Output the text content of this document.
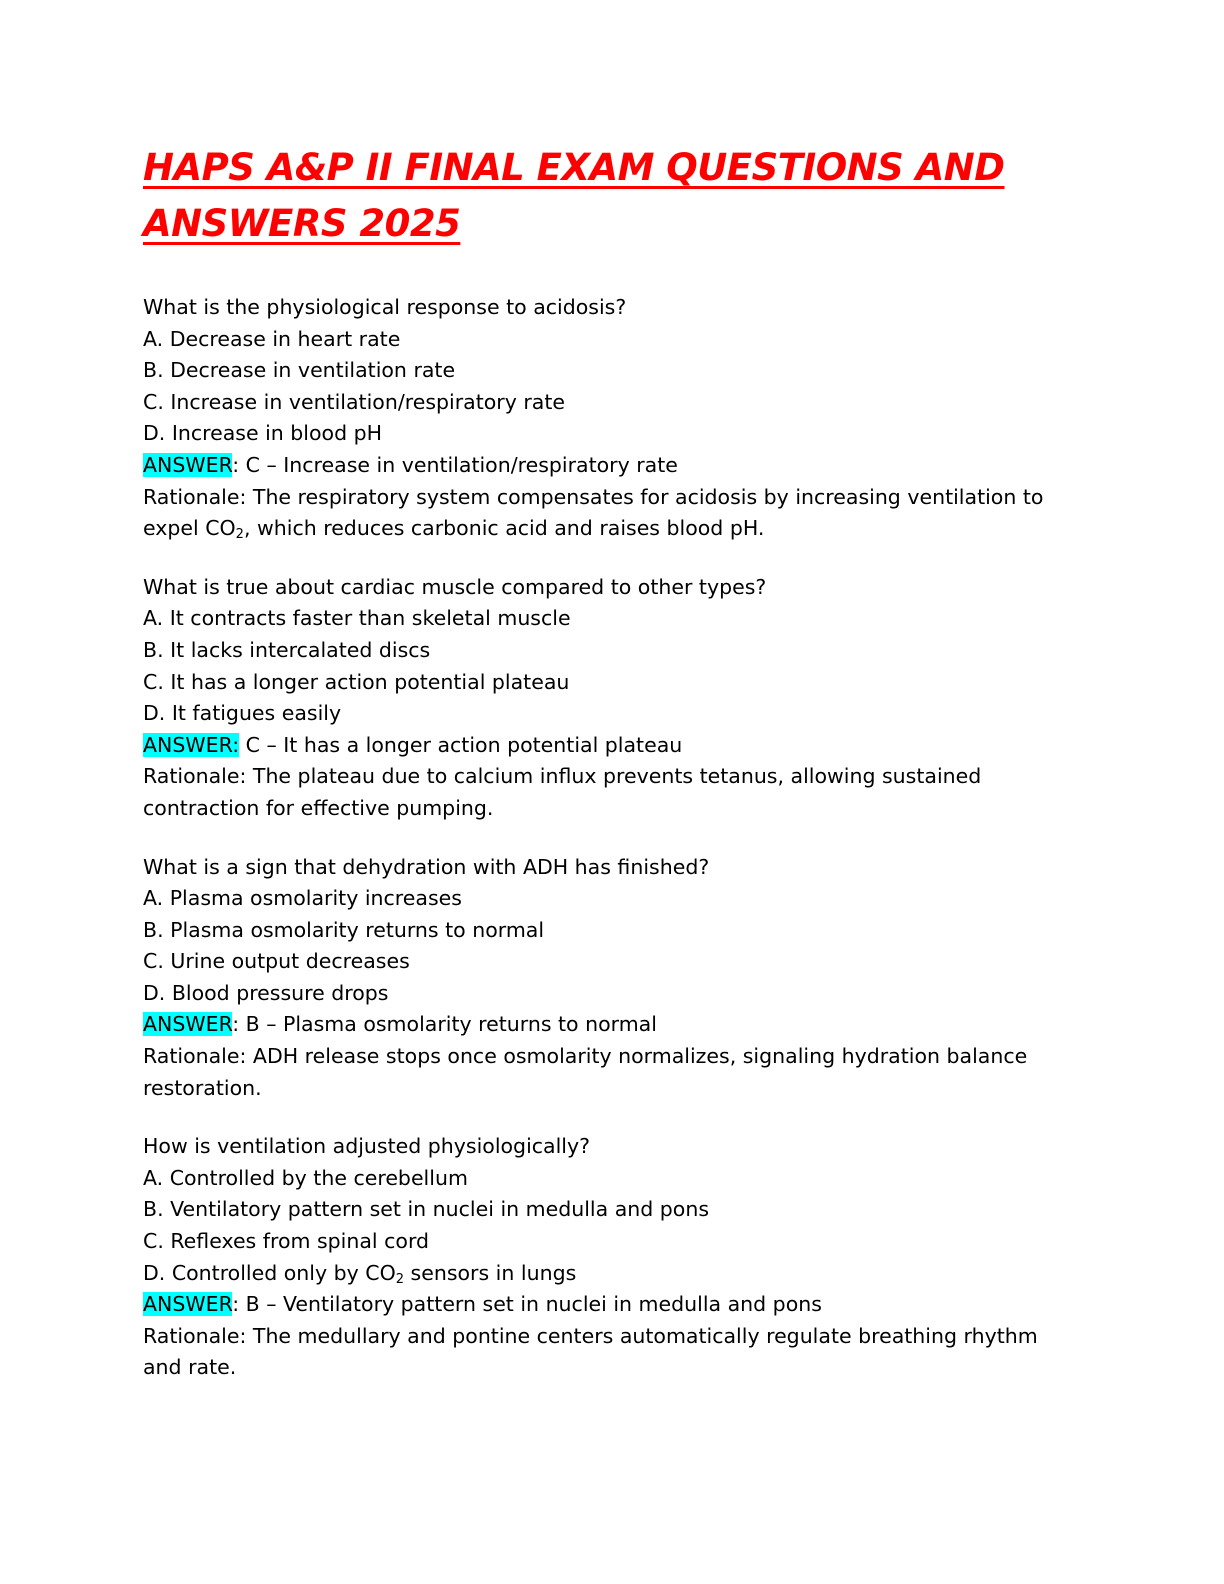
HAPS A&P II FINAL EXAM QUESTIONS AND ANSWERS 2025
What is the physiological response to acidosis?
A. Decrease in heart rate
B. Decrease in ventilation rate
C. Increase in ventilation/respiratory rate
D. Increase in blood pH
ANSWER: C – Increase in ventilation/respiratory rate
Rationale: The respiratory system compensates for acidosis by increasing ventilation to expel $CO_2$, which reduces carbonic acid and raises blood pH.
What is true about cardiac muscle compared to other types?
A. It contracts faster than skeletal muscle
B. It lacks intercalated discs
C. It has a longer action potential plateau
D. It fatigues easily
ANSWER: C – It has a longer action potential plateau
Rationale: The plateau due to calcium influx prevents tetanus, allowing sustained contraction for effective pumping.
What is a sign that dehydration with ADH has finished?
A. Plasma osmolarity increases
B. Plasma osmolarity returns to normal
C. Urine output decreases
D. Blood pressure drops
ANSWER: B – Plasma osmolarity returns to normal
Rationale: ADH release stops once osmolarity normalizes, signaling hydration balance restoration.
How is ventilation adjusted physiologically?
A. Controlled by the cerebellum
B. Ventilatory pattern set in nuclei in medulla and pons
C. Reflexes from spinal cord
D. Controlled only by $CO_2$ sensors in lungs
ANSWER: B – Ventilatory pattern set in nuclei in medulla and pons
Rationale: The medullary and pontine centers automatically regulate breathing rhythm and rate.
